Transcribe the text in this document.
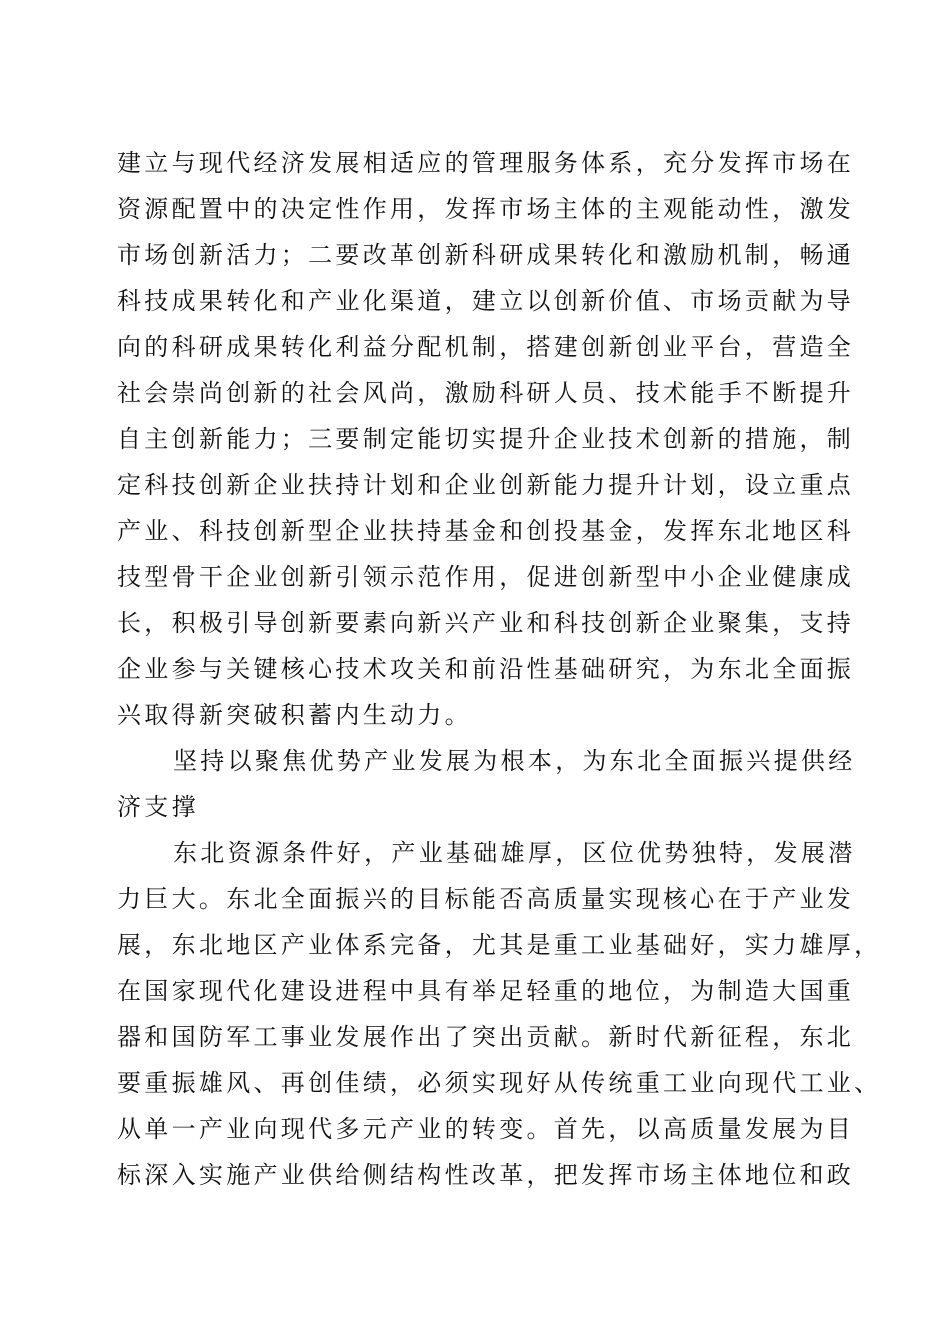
建立与现代经济发展相适应的管理服务体系，充分发挥市场在
资源配置中的决定性作用，发挥市场主体的主观能动性，激发
市场创新活力；二要改革创新科研成果转化和激励机制，畅通
科技成果转化和产业化渠道，建立以创新价值、市场贡献为导
向的科研成果转化利益分配机制，搭建创新创业平台，营造全
社会崇尚创新的社会风尚，激励科研人员、技术能手不断提升
自主创新能力；三要制定能切实提升企业技术创新的措施，制
定科技创新企业扶持计划和企业创新能力提升计划，设立重点
产业、科技创新型企业扶持基金和创投基金，发挥东北地区科
技型骨干企业创新引领示范作用，促进创新型中小企业健康成
长，积极引导创新要素向新兴产业和科技创新企业聚集，支持
企业参与关键核心技术攻关和前沿性基础研究，为东北全面振
兴取得新突破积蓄内生动力。

坚持以聚焦优势产业发展为根本，为东北全面振兴提供经
济支撑

东北资源条件好，产业基础雄厚，区位优势独特，发展潜
力巨大。东北全面振兴的目标能否高质量实现核心在于产业发
展，东北地区产业体系完备，尤其是重工业基础好，实力雄厚，
在国家现代化建设进程中具有举足轻重的地位，为制造大国重
器和国防军工事业发展作出了突出贡献。新时代新征程，东北
要重振雄风、再创佳绩，必须实现好从传统重工业向现代工业、
从单一产业向现代多元产业的转变。首先，以高质量发展为目
标深入实施产业供给侧结构性改革，把发挥市场主体地位和政
